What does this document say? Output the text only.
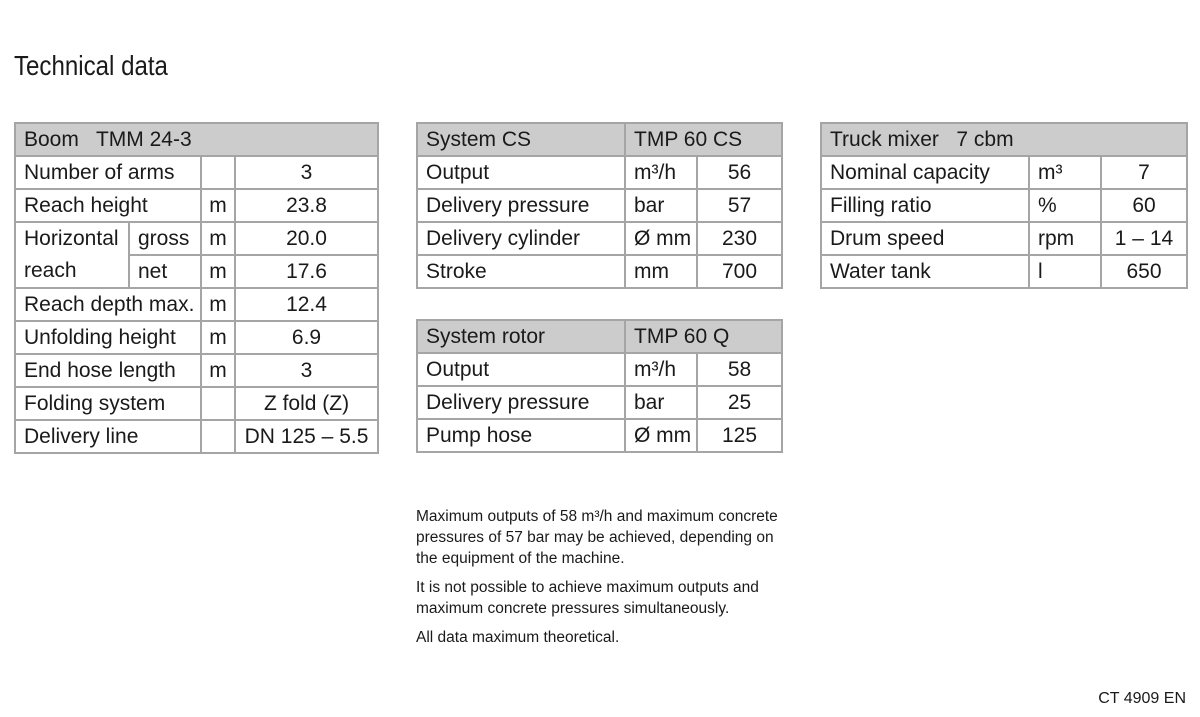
Technical data
Boom TMM 24-3			
Number of arms			3
Reach height		m	23.8
Horizontal	gross	m	20.0
reach	net	m	17.6
Reach depth max.		m	12.4
Unfolding height		m	6.9
End hose length		m	3
Folding system			Z fold (Z)
Delivery line			DN 125 – 5.5
System CS	TMP 60 CS	
Output	m³/h	56
Delivery pressure	bar	57
Delivery cylinder	Ø mm	230
Stroke	mm	700
System rotor	TMP 60 Q	
Output	m³/h	58
Delivery pressure	bar	25
Pump hose	Ø mm	125
Truck mixer 7 cbm		
Nominal capacity	m³	7
Filling ratio	%	60
Drum speed	rpm	1 – 14
Water tank	l	650

Maximum outputs of 58 m³/h and maximum concrete pressures of 57 bar may be achieved, depending on the equipment of the machine.

It is not possible to achieve maximum outputs and maximum concrete pressures simultaneously.

All data maximum theoretical.

CT 4909 EN
